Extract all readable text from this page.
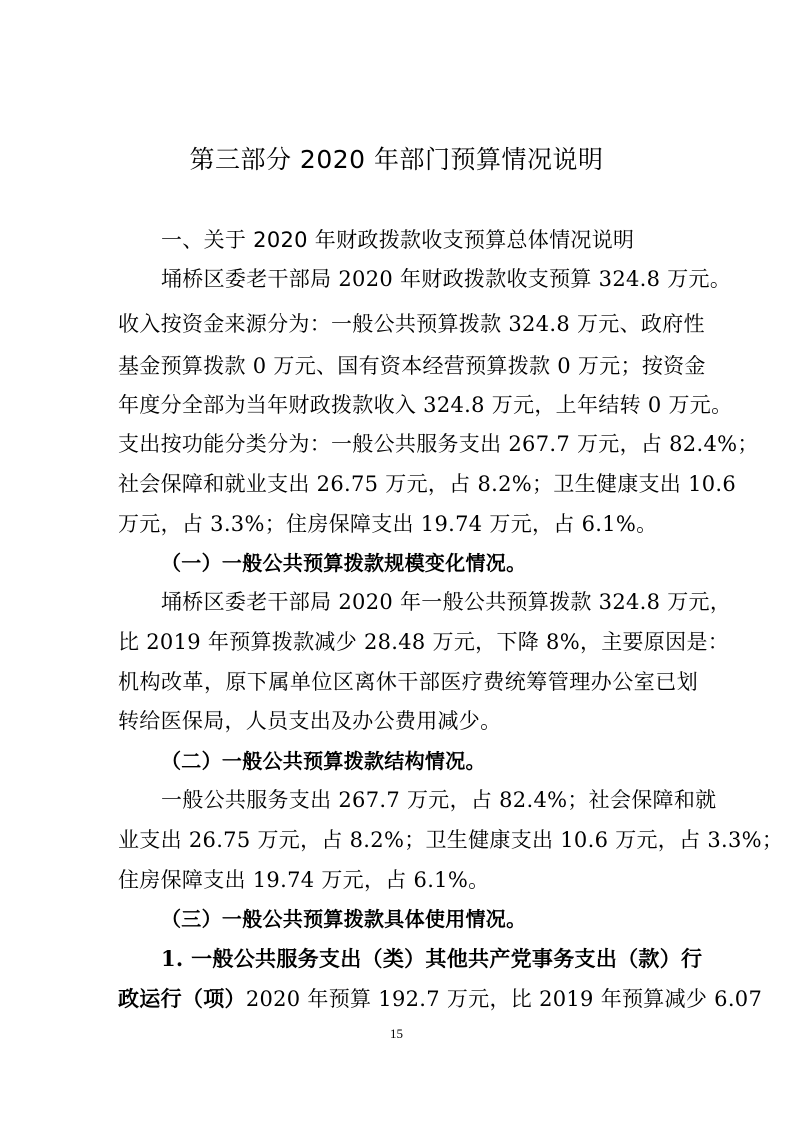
第三部分 2020 年部门预算情况说明

一、关于 2020 年财政拨款收支预算总体情况说明

埇桥区委老干部局 2020 年财政拨款收支预算 324.8 万元。

收入按资金来源分为：一般公共预算拨款 324.8 万元、政府性

基金预算拨款 0 万元、国有资本经营预算拨款 0 万元；按资金

年度分全部为当年财政拨款收入 324.8 万元，上年结转 0 万元。

支出按功能分类分为：一般公共服务支出 267.7 万元，占 82.4%；

社会保障和就业支出 26.75 万元，占 8.2%；卫生健康支出 10.6

万元，占 3.3%；住房保障支出 19.74 万元，占 6.1%。

（一）一般公共预算拨款规模变化情况。

埇桥区委老干部局 2020 年一般公共预算拨款 324.8 万元，

比 2019 年预算拨款减少 28.48 万元，下降 8%，主要原因是：

机构改革，原下属单位区离休干部医疗费统筹管理办公室已划

转给医保局，人员支出及办公费用减少。

（二）一般公共预算拨款结构情况。

一般公共服务支出 267.7 万元，占 82.4%；社会保障和就

业支出 26.75 万元，占 8.2%；卫生健康支出 10.6 万元，占 3.3%；

住房保障支出 19.74 万元，占 6.1%。

（三）一般公共预算拨款具体使用情况。

1. 一般公共服务支出（类）其他共产党事务支出（款）行

政运行（项）2020 年预算 192.7 万元，比 2019 年预算减少 6.07

15
